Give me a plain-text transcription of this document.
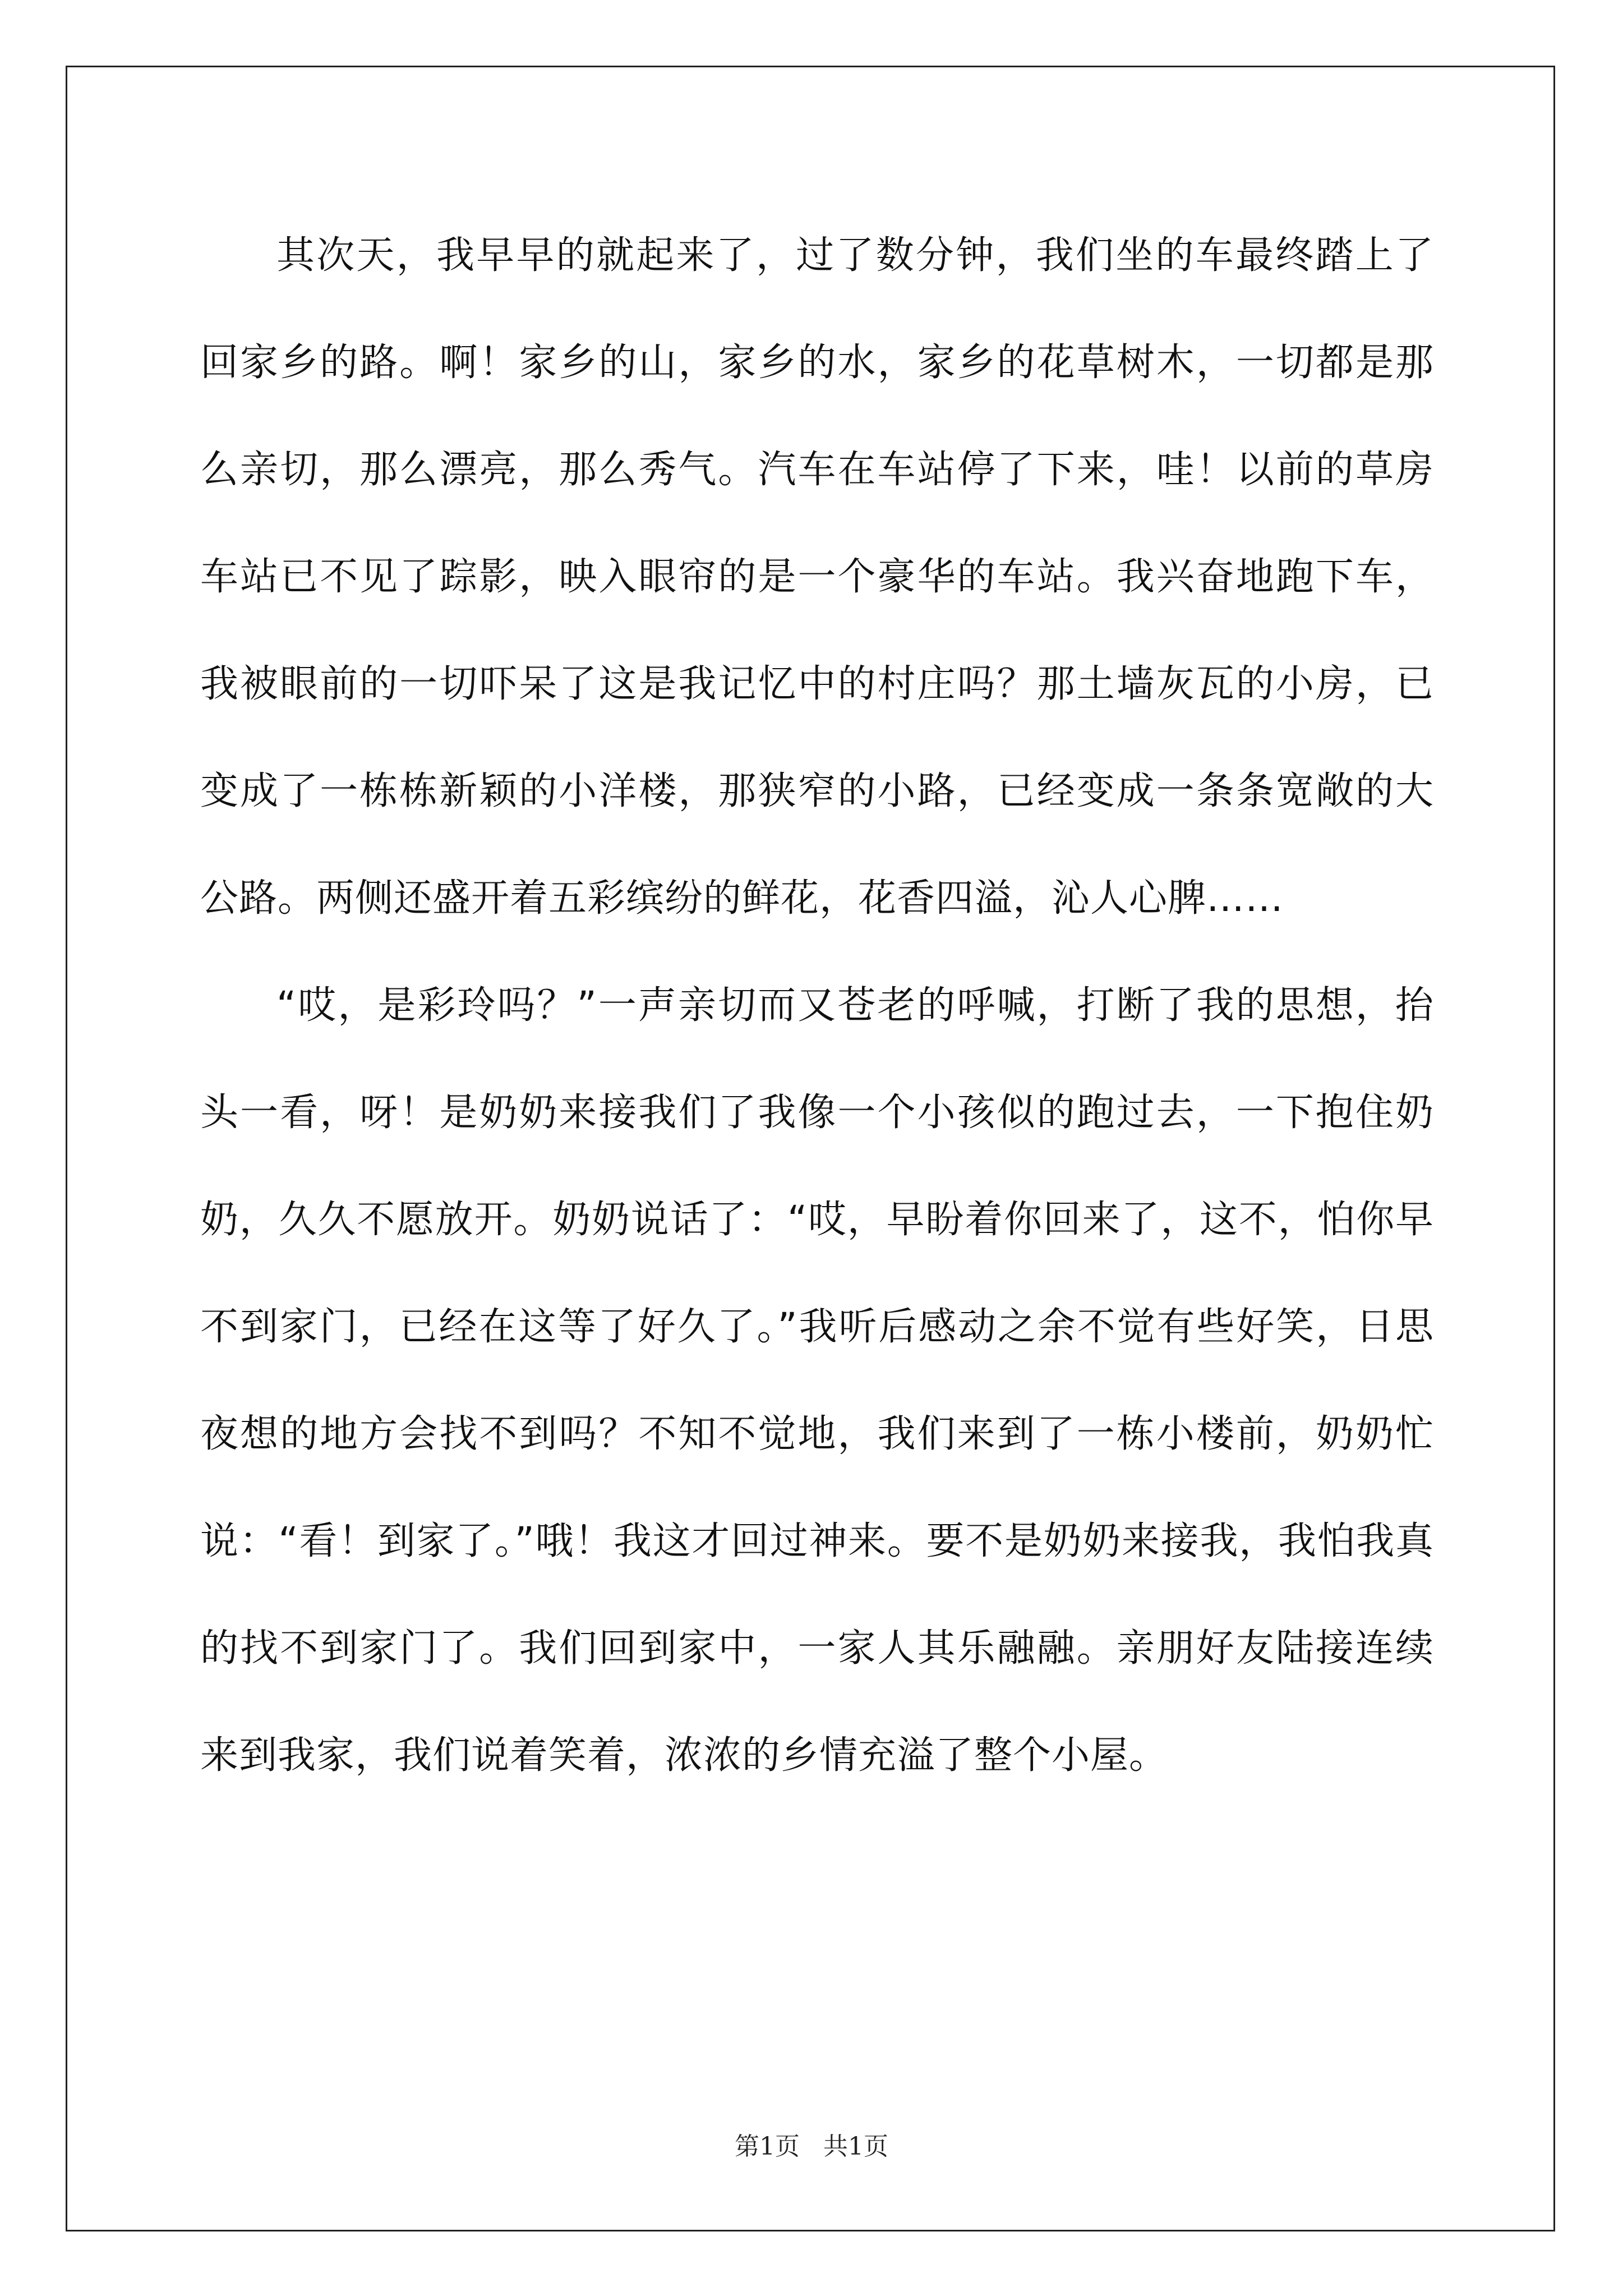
其次天，我早早的就起来了，过了数分钟，我们坐的车最终踏上了回家乡的路。啊！家乡的山，家乡的水，家乡的花草树木，一切都是那么亲切，那么漂亮，那么秀气。汽车在车站停了下来，哇！以前的草房车站已不见了踪影，映入眼帘的是一个豪华的车站。我兴奋地跑下车，我被眼前的一切吓呆了这是我记忆中的村庄吗？那土墙灰瓦的小房，已变成了一栋栋新颖的小洋楼，那狭窄的小路，已经变成一条条宽敞的大公路。两侧还盛开着五彩缤纷的鲜花，花香四溢，沁人心脾……

“哎，是彩玲吗？”一声亲切而又苍老的呼喊，打断了我的思想，抬头一看，呀！是奶奶来接我们了我像一个小孩似的跑过去，一下抱住奶奶，久久不愿放开。奶奶说话了：“哎，早盼着你回来了，这不，怕你早不到家门，已经在这等了好久了。”我听后感动之余不觉有些好笑，日思夜想的地方会找不到吗？不知不觉地，我们来到了一栋小楼前，奶奶忙说：“看！到家了。”哦！我这才回过神来。要不是奶奶来接我，我怕我真的找不到家门了。我们回到家中，一家人其乐融融。亲朋好友陆接连续来到我家，我们说着笑着，浓浓的乡情充溢了整个小屋。

第1页   共1页
